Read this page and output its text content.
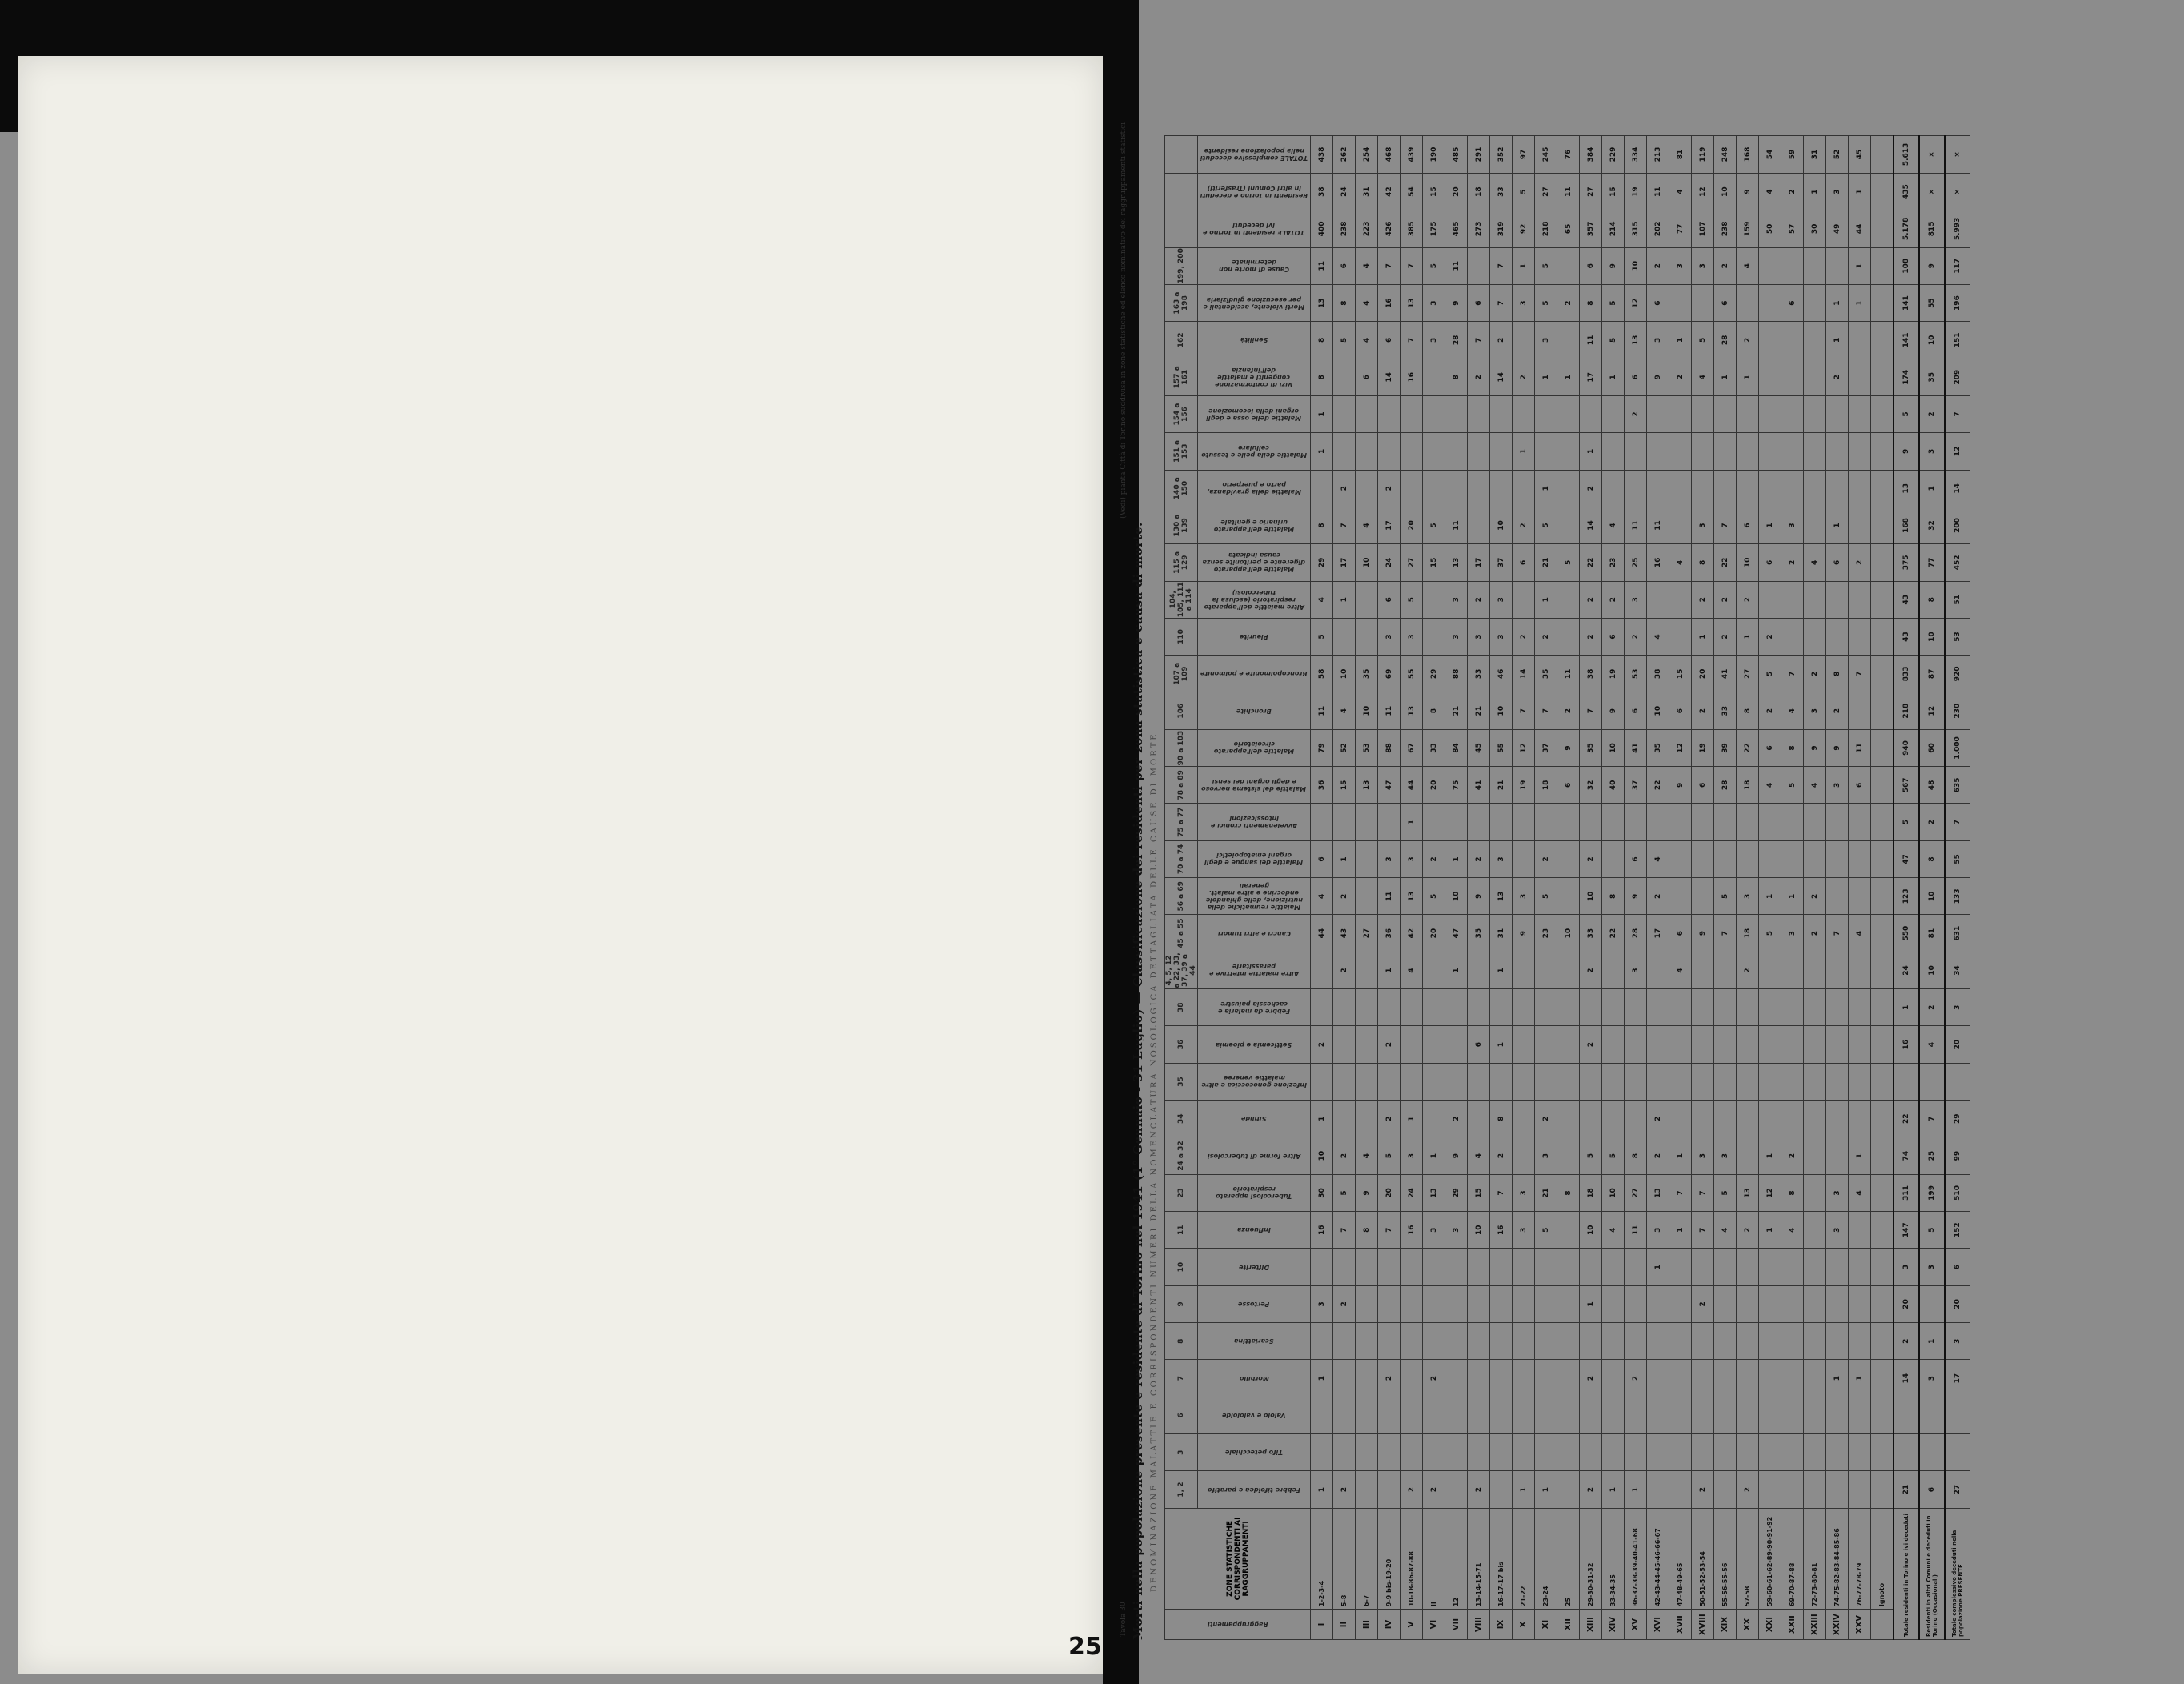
Tavola 30
(Vedi) pianta Città di Torino suddivisa in zone statistiche ed elenco nominativo dei raggruppamenti statistici
Morti nella popolazione presente e residente di Torino nel 1941 (1° Gennaio - 31 Luglio) — Classificazione dei residenti per zona statistica e causa di morte. DENOMINAZIONE MALATTIE E CORRISPONDENTI NUMERI DELLA NOMENCLATURA NOSOLOGICA DETTAGLIATA DELLE CAUSE DI MORTE
Raggruppamenti	ZONE STATISTICHE CORRISPONDENTI AI RAGGRUPPAMENTI	1, 2	3	6	7	8	9	10	11	23	24 a 32	34	35	36	38	4, 5, 12 a 22, 33, 37, 39 a 44	45 a 55	56 a 69	70 a 74	75 a 77	78 a 89	90 a 103	106	107 a 109	110	104, 105, 111 a 114	115 a 129	130 a 139	140 a 150	151 a 153	154 a 156	157 a 161	162	163 a 198	199, 200			

		Febbre tifoidea e paratifo	Tifo petecchiale	Vaiolo e vaioloide	Morbillo	Scarlattina	Pertosse	Difterite	Influenza	Tubercolosi apparato respiratorio	Altre forme di tubercolosi	Sifilide	Infezione gonococcica e altre malattie veneree	Setticemia e pioemia	Febbre da malaria e cachessia palustre	Altre malattie infettive e parassitarie	Cancri e altri tumori	Malattie reumatiche della nutrizione, delle ghiandole endocrine e altre malatt. generali	Malattie del sangue e degli organi ematopoietici	Avvelenamenti cronici e intossicazioni	Malattie del sistema nervoso e degli organi dei sensi	Malattie dell'apparato circolatorio	Bronchite	Broncopolmonite e polmonite	Pleurite	Altre malattie dell'apparato respiratorio (esclusa la tubercolosi)	Malattie dell'apparato digerente e peritonite senza causa indicata	Malattie dell'apparato urinario e genitale	Malattie della gravidanza, parto e puerperio	Malattie della pelle e tessuto cellulare	Malattie delle ossa e degli organi della locomozione	Vizi di conformazione congeniti e malattie dell'infanzia	Senilità	Morti violente, accidentali e per esecuzione giudiziaria	Cause di morte non determinate	TOTALE residenti in Torino e ivi deceduti	Residenti in Torino e deceduti in altri Comuni (Trasferiti)	TOTALE complessivo deceduti nella popolazione residente

I	1-2-3-4	1			1		3		16	30	10	1		2			44	4	6		36	79	11	58	5	4	29	8		1	1	8	8	13	11	400	38	438
II	5-8	2					2		7	5	2					2	43	2	1		15	52	4	10		1	17	7	2				5	8	6	238	24	262
III	6-7								8	9	4						27				13	53	10	35			10	4				6	4	4	4	223	31	254
IV	9-9 bis-19-20				2				7	20	5	2		2		1	36	11	3		47	88	11	69	3	6	24	17	2			14	6	16	7	426	42	468
V	10-18-86-87-88	2							16	24	3	1				4	42	13	3	1	44	67	13	55	3	5	27	20				16	7	13	7	385	54	439
VI	II	2			2				3	13	1						20	5	2		20	33	8	29			15	5					3	3	5	175	15	190
VII	12								3	29	9	2				1	47	10	1		75	84	21	88	3	3	13	11				8	28	9	11	465	20	485
VIII	13-14-15-71	2							10	15	4			6			35	9	2		41	45	21	33	3	2	17					2	7	6		273	18	291
IX	16-17-17 bis								16	7	2	8		1		1	31	13	3		21	55	10	46	3	3	37	10				14	2	7	7	319	33	352
X	21-22	1							3	3							9	3			19	12	7	14	2		6	2		1		2		3	1	92	5	97
XI	23-24	1							5	21	3	2					23	5	2		18	37	7	35	2	1	21	5	1			1	3	5	5	218	27	245
XII	25									8							10				6	9	2	11			5					1		2		65	11	76
XIII	29-30-31-32	2			2		1		10	18	5			2		2	33	10	2		32	35	7	38	2	2	22	14	2	1		17	11	8	6	357	27	384
XIV	33-34-35	1							4	10	5						22	8			40	10	9	19	6	2	23	4				1	5	5	9	214	15	229
XV	36-37-38-39-40-41-68	1			2				11	27	8					3	28	9	6		37	41	6	53	2	3	25	11			2	6	13	12	10	315	19	334
XVI	42-43-44-45-46-66-67							1	3	13	2	2					17	2	4		22	35	10	38	4		16	11				9	3	6	2	202	11	213
XVII	47-48-49-65								1	7	1					4	6				9	12	6	15			4					2	1		3	77	4	81
XVIII	50-51-52-53-54	2					2		7	7	3						9				6	19	2	20	1	2	8	3				4	5		3	107	12	119
XIX	55-56-55-56								4	5	3						7	5			28	39	33	41	2	2	22	7				1	28	6	2	238	10	248
XX	57-58	2							2	13						2	18	3			18	22	8	27	1	2	10	6				1	2		4	159	9	168
XXI	59-60-61-62-89-90-91-92								1	12	1						5	1			4	6	2	5	2		6	1								50	4	54
XXII	69-70-87-88								4	8	2						3	1			5	8	4	7			2	3						6		57	2	59
XXIII	72-73-80-81																2	2			4	9	3	2			4									30	1	31
XXIV	74-75-82-83-84-85-86				1				3	3							7				3	9	2	8			6	1				2	1	1		49	3	52
XXV	76-77-78-79				1					4	1						4				6	11		7			2							1	1	44	1	45
	Ignoto																																					
Totale residenti in Torino e ivi deceduti		21			14	2	20	3	147	311	74	22		16	1	24	550	123	47	5	567	940	218	833	43	43	375	168	13	9	5	174	141	141	108	5.178	435	5.613
Residenti in altri Comuni e deceduti in Torino (Occasionali)		6			3	1		3	5	199	25	7		4	2	10	81	10	8	2	48	60	12	87	10	8	77	32	1	3	2	35	10	55	9	815	×	×
Totale complessivo deceduti nella popolazione PRESENTE		27			17	3	20	6	152	510	99	29		20	3	34	631	133	55	7	635	1.000	230	920	53	51	452	200	14	12	7	209	151	196	117	5.993	×	×
25
